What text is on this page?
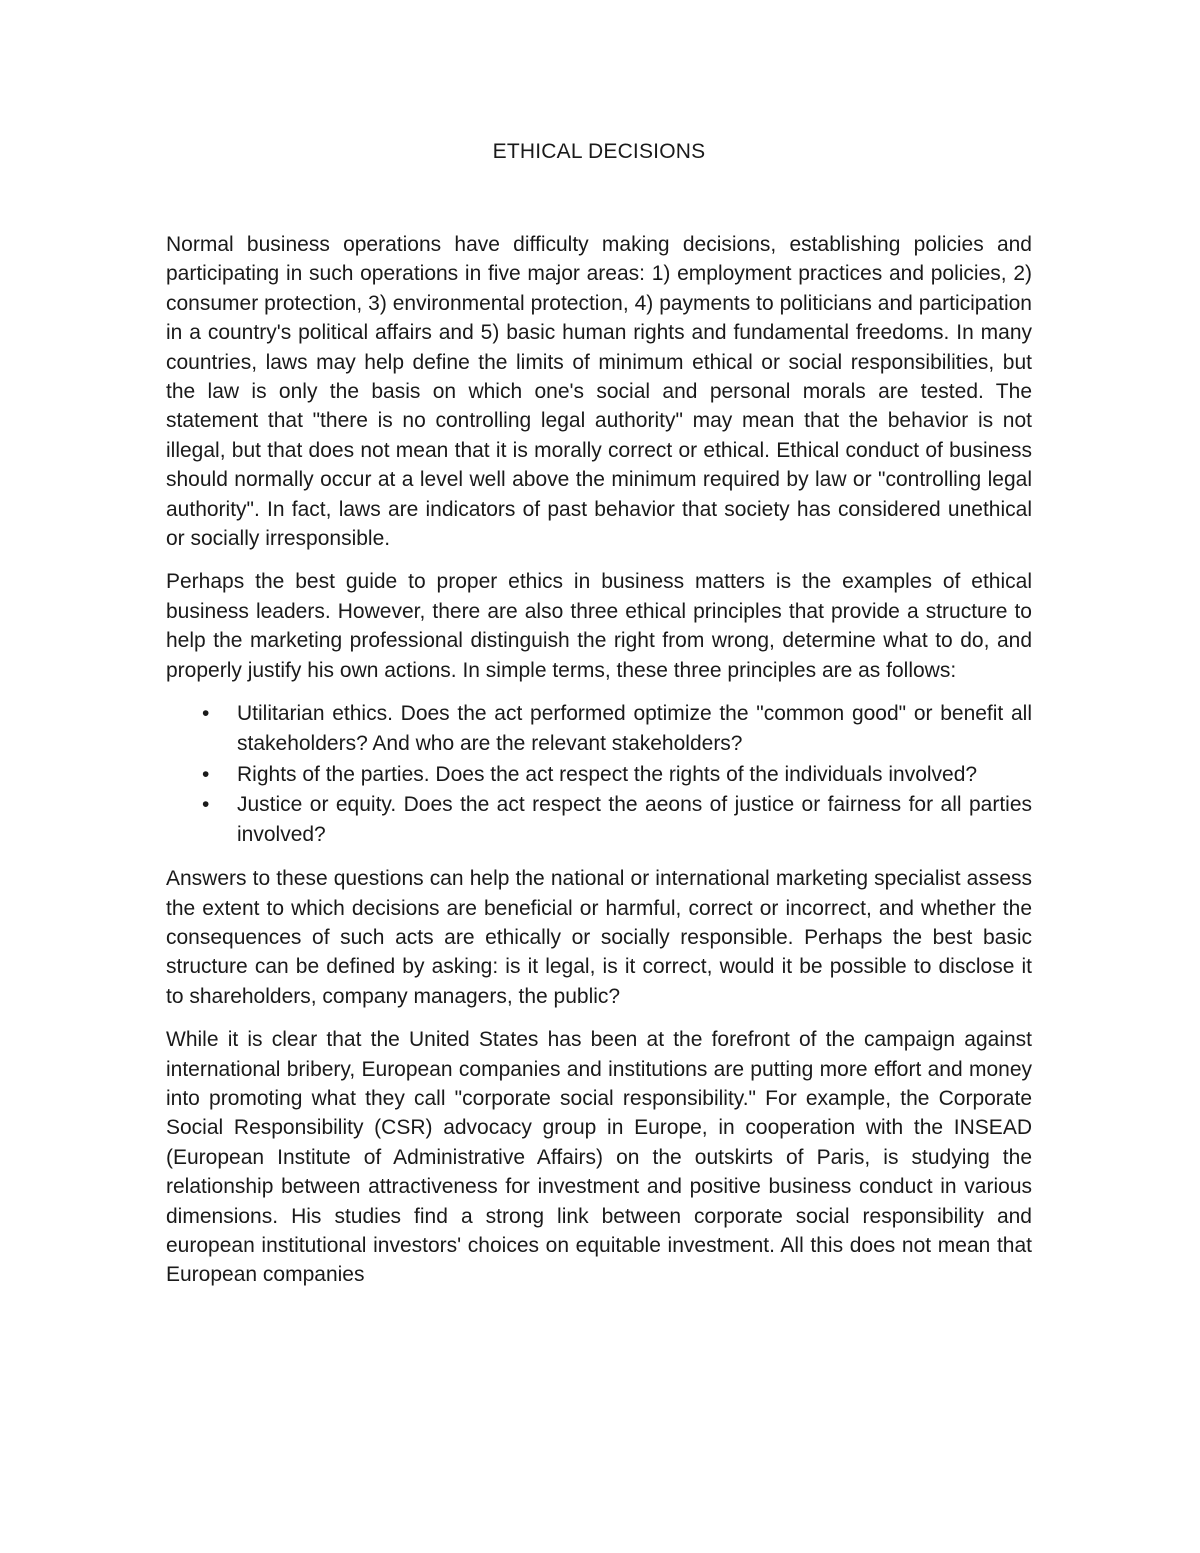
ETHICAL DECISIONS

Normal business operations have difficulty making decisions, establishing policies and participating in such operations in five major areas: 1) employment practices and policies, 2) consumer protection, 3) environmental protection, 4) payments to politicians and participation in a country's political affairs and 5) basic human rights and fundamental freedoms. In many countries, laws may help define the limits of minimum ethical or social responsibilities, but the law is only the basis on which one's social and personal morals are tested. The statement that "there is no controlling legal authority" may mean that the behavior is not illegal, but that does not mean that it is morally correct or ethical. Ethical conduct of business should normally occur at a level well above the minimum required by law or "controlling legal authority". In fact, laws are indicators of past behavior that society has considered unethical or socially irresponsible.

Perhaps the best guide to proper ethics in business matters is the examples of ethical business leaders. However, there are also three ethical principles that provide a structure to help the marketing professional distinguish the right from wrong, determine what to do, and properly justify his own actions. In simple terms, these three principles are as follows:

• Utilitarian ethics. Does the act performed optimize the "common good" or benefit all stakeholders? And who are the relevant stakeholders?
• Rights of the parties. Does the act respect the rights of the individuals involved?
• Justice or equity. Does the act respect the aeons of justice or fairness for all parties involved?

Answers to these questions can help the national or international marketing specialist assess the extent to which decisions are beneficial or harmful, correct or incorrect, and whether the consequences of such acts are ethically or socially responsible. Perhaps the best basic structure can be defined by asking: is it legal, is it correct, would it be possible to disclose it to shareholders, company managers, the public?

While it is clear that the United States has been at the forefront of the campaign against international bribery, European companies and institutions are putting more effort and money into promoting what they call "corporate social responsibility." For example, the Corporate Social Responsibility (CSR) advocacy group in Europe, in cooperation with the INSEAD (European Institute of Administrative Affairs) on the outskirts of Paris, is studying the relationship between attractiveness for investment and positive business conduct in various dimensions. His studies find a strong link between corporate social responsibility and european institutional investors' choices on equitable investment. All this does not mean that European companies
